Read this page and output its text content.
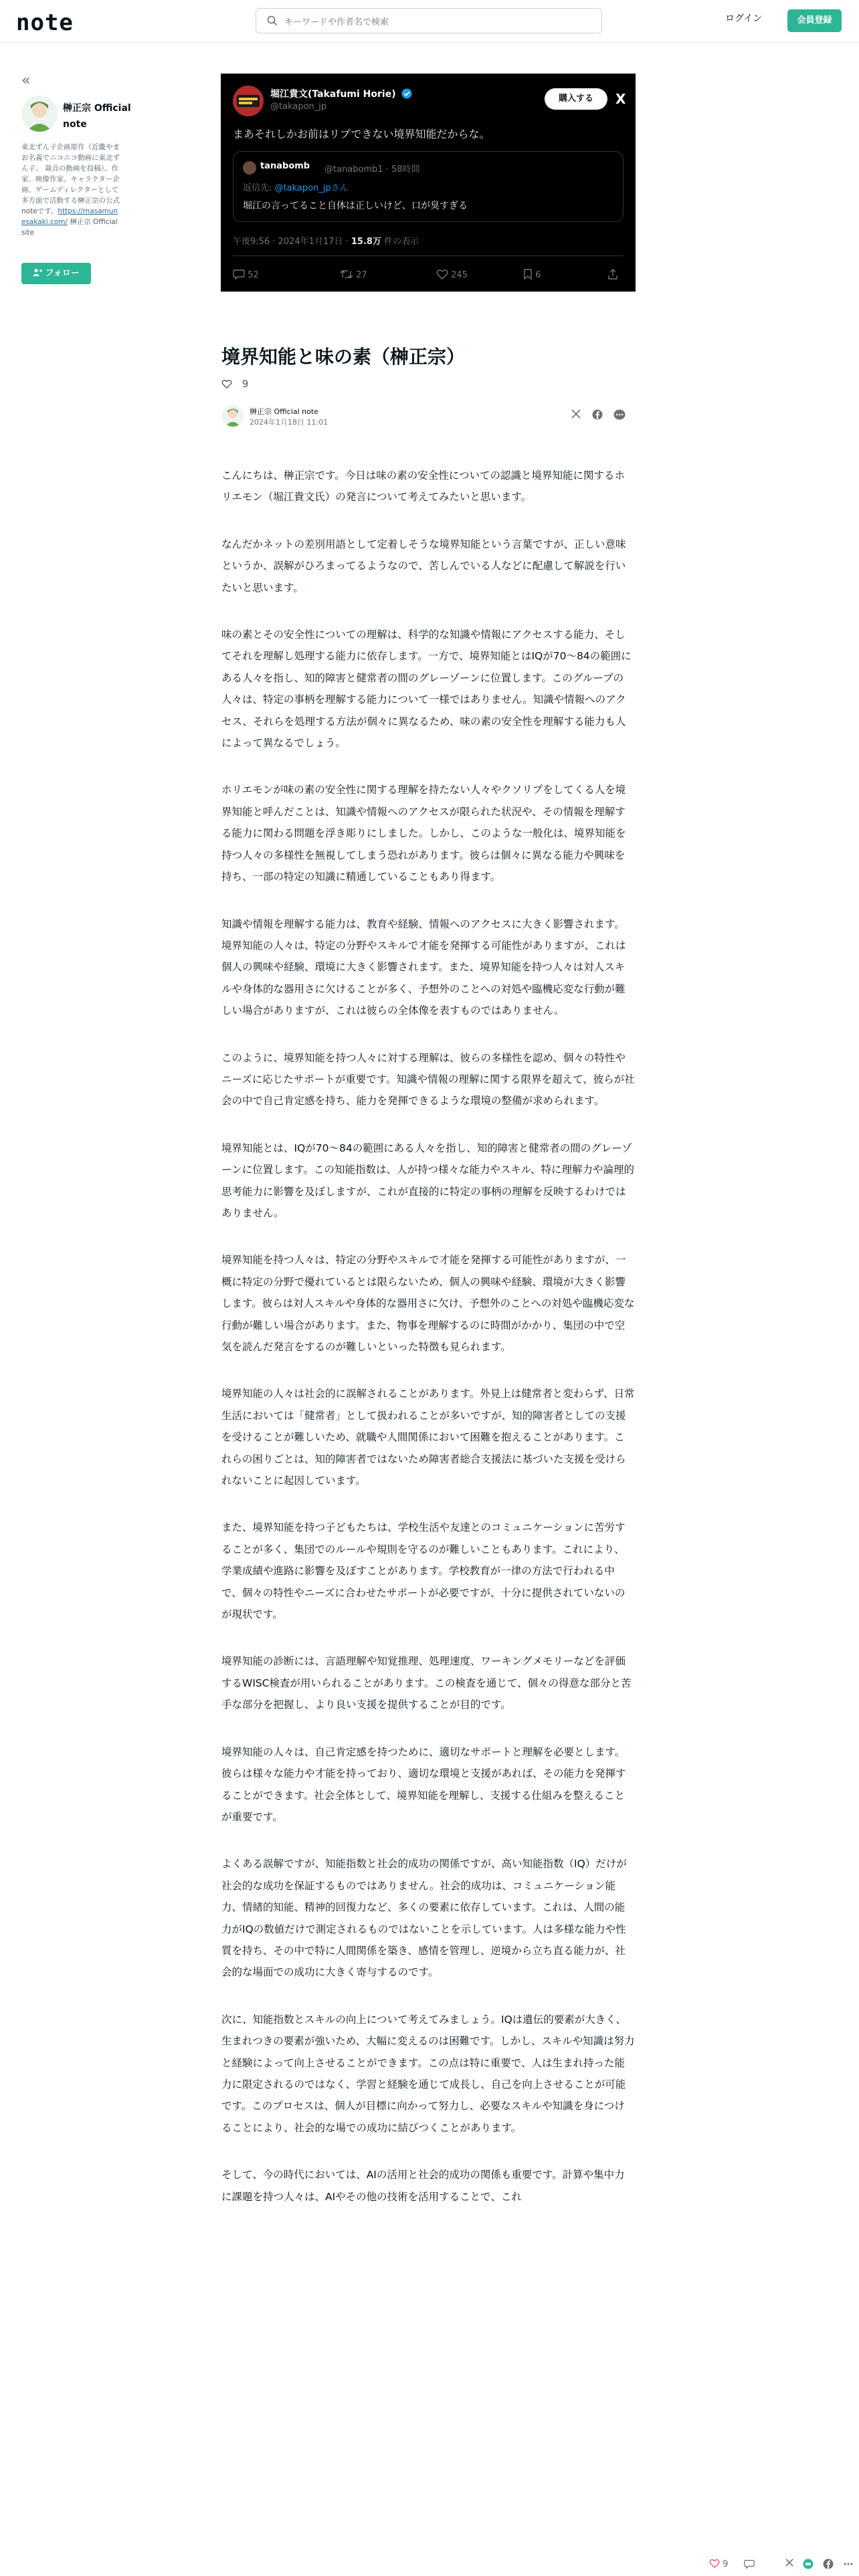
note
キーワードや作者名で検索	ログイン	会員登録
«
榊正宗 Official note
東北ずん子企画原作（近畿やまお名義でニコニコ動画に東北ずん子、 裁音の動画を投稿）。作家、映像作家、キャラクター企画、ゲームディレクターとして多方面で活動する榊正宗の公式noteです。https://masamunesakaki.com/ 榊正宗 Official site
フォロー
堀江貴文(Takafumi Horie)
@takapon_jp
購入する	X
まあそれしかお前はリプできない境界知能だからな。
tanabomb @tanabomb1 · 58時間
返信先: @takapon_jpさん
堀江の言ってること自体は正しいけど、口が臭すぎる
午後9:56 · 2024年1月17日 · 15.8万 件の表示
52	27	245	6
境界知能と味の素（榊正宗）
9
榊正宗 Official note
2024年1月18日 11:01

こんにちは、榊正宗です。今日は味の素の安全性についての認識と境界知能に関するホリエモン（堀江貴文氏）の発言について考えてみたいと思います。

なんだかネットの差別用語として定着しそうな境界知能という言葉ですが、正しい意味というか、誤解がひろまってるようなので、苦しんでいる人などに配慮して解説を行いたいと思います。

味の素とその安全性についての理解は、科学的な知識や情報にアクセスする能力、そしてそれを理解し処理する能力に依存します。一方で、境界知能とはIQが70〜84の範囲にある人々を指し、知的障害と健常者の間のグレーゾーンに位置します。このグループの人々は、特定の事柄を理解する能力について一様ではありません。知識や情報へのアクセス、それらを処理する方法が個々に異なるため、味の素の安全性を理解する能力も人によって異なるでしょう。

ホリエモンが味の素の安全性に関する理解を持たない人々やクソリプをしてくる人を境界知能と呼んだことは、知識や情報へのアクセスが限られた状況や、その情報を理解する能力に関わる問題を浮き彫りにしました。しかし、このような一般化は、境界知能を持つ人々の多様性を無視してしまう恐れがあります。彼らは個々に異なる能力や興味を持ち、一部の特定の知識に精通していることもあり得ます。

知識や情報を理解する能力は、教育や経験、情報へのアクセスに大きく影響されます。境界知能の人々は、特定の分野やスキルで才能を発揮する可能性がありますが、これは個人の興味や経験、環境に大きく影響されます。また、境界知能を持つ人々は対人スキルや身体的な器用さに欠けることが多く、予想外のことへの対処や臨機応変な行動が難しい場合がありますが、これは彼らの全体像を表すものではありません。

このように、境界知能を持つ人々に対する理解は、彼らの多様性を認め、個々の特性やニーズに応じたサポートが重要です。知識や情報の理解に関する限界を超えて、彼らが社会の中で自己肯定感を持ち、能力を発揮できるような環境の整備が求められます。

境界知能とは、IQが70〜84の範囲にある人々を指し、知的障害と健常者の間のグレーゾーンに位置します。この知能指数は、人が持つ様々な能力やスキル、特に理解力や論理的思考能力に影響を及ぼしますが、これが直接的に特定の事柄の理解を反映するわけではありません。

境界知能を持つ人々は、特定の分野やスキルで才能を発揮する可能性がありますが、一概に特定の分野で優れているとは限らないため、個人の興味や経験、環境が大きく影響します。彼らは対人スキルや身体的な器用さに欠け、予想外のことへの対処や臨機応変な行動が難しい場合があります。また、物事を理解するのに時間がかかり、集団の中で空気を読んだ発言をするのが難しいといった特徴も見られます。

境界知能の人々は社会的に誤解されることがあります。外見上は健常者と変わらず、日常生活においては「健常者」として扱われることが多いですが、知的障害者としての支援を受けることが難しいため、就職や人間関係において困難を抱えることがあります。これらの困りごとは、知的障害者ではないため障害者総合支援法に基づいた支援を受けられないことに起因しています。

また、境界知能を持つ子どもたちは、学校生活や友達とのコミュニケーションに苦労することが多く、集団でのルールや規則を守るのが難しいこともあります。これにより、学業成績や進路に影響を及ぼすことがあります。学校教育が一律の方法で行われる中で、個々の特性やニーズに合わせたサポートが必要ですが、十分に提供されていないのが現状です。

境界知能の診断には、言語理解や知覚推理、処理速度、ワーキングメモリーなどを評価するWISC検査が用いられることがあります。この検査を通じて、個々の得意な部分と苦手な部分を把握し、より良い支援を提供することが目的です。

境界知能の人々は、自己肯定感を持つために、適切なサポートと理解を必要とします。彼らは様々な能力や才能を持っており、適切な環境と支援があれば、その能力を発揮することができます。社会全体として、境界知能を理解し、支援する仕組みを整えることが重要です。

よくある誤解ですが、知能指数と社会的成功の関係ですが、高い知能指数（IQ）だけが社会的な成功を保証するものではありません。社会的成功は、コミュニケーション能力、情緒的知能、精神的回復力など、多くの要素に依存しています。これは、人間の能力がIQの数値だけで測定されるものではないことを示しています。人は多様な能力や性質を持ち、その中で特に人間関係を築き、感情を管理し、逆境から立ち直る能力が、社会的な場面での成功に大きく寄与するのです。

次に、知能指数とスキルの向上について考えてみましょう。IQは遺伝的要素が大きく、生まれつきの要素が強いため、大幅に変えるのは困難です。しかし、スキルや知識は努力と経験によって向上させることができます。この点は特に重要で、人は生まれ持った能力に限定されるのではなく、学習と経験を通じて成長し、自己を向上させることが可能です。このプロセスは、個人が目標に向かって努力し、必要なスキルや知識を身につけることにより、社会的な場での成功に結びつくことがあります。

そして、今の時代においては、AIの活用と社会的成功の関係も重要です。計算や集中力に課題を持つ人々は、AIやその他の技術を活用することで、これ

9
